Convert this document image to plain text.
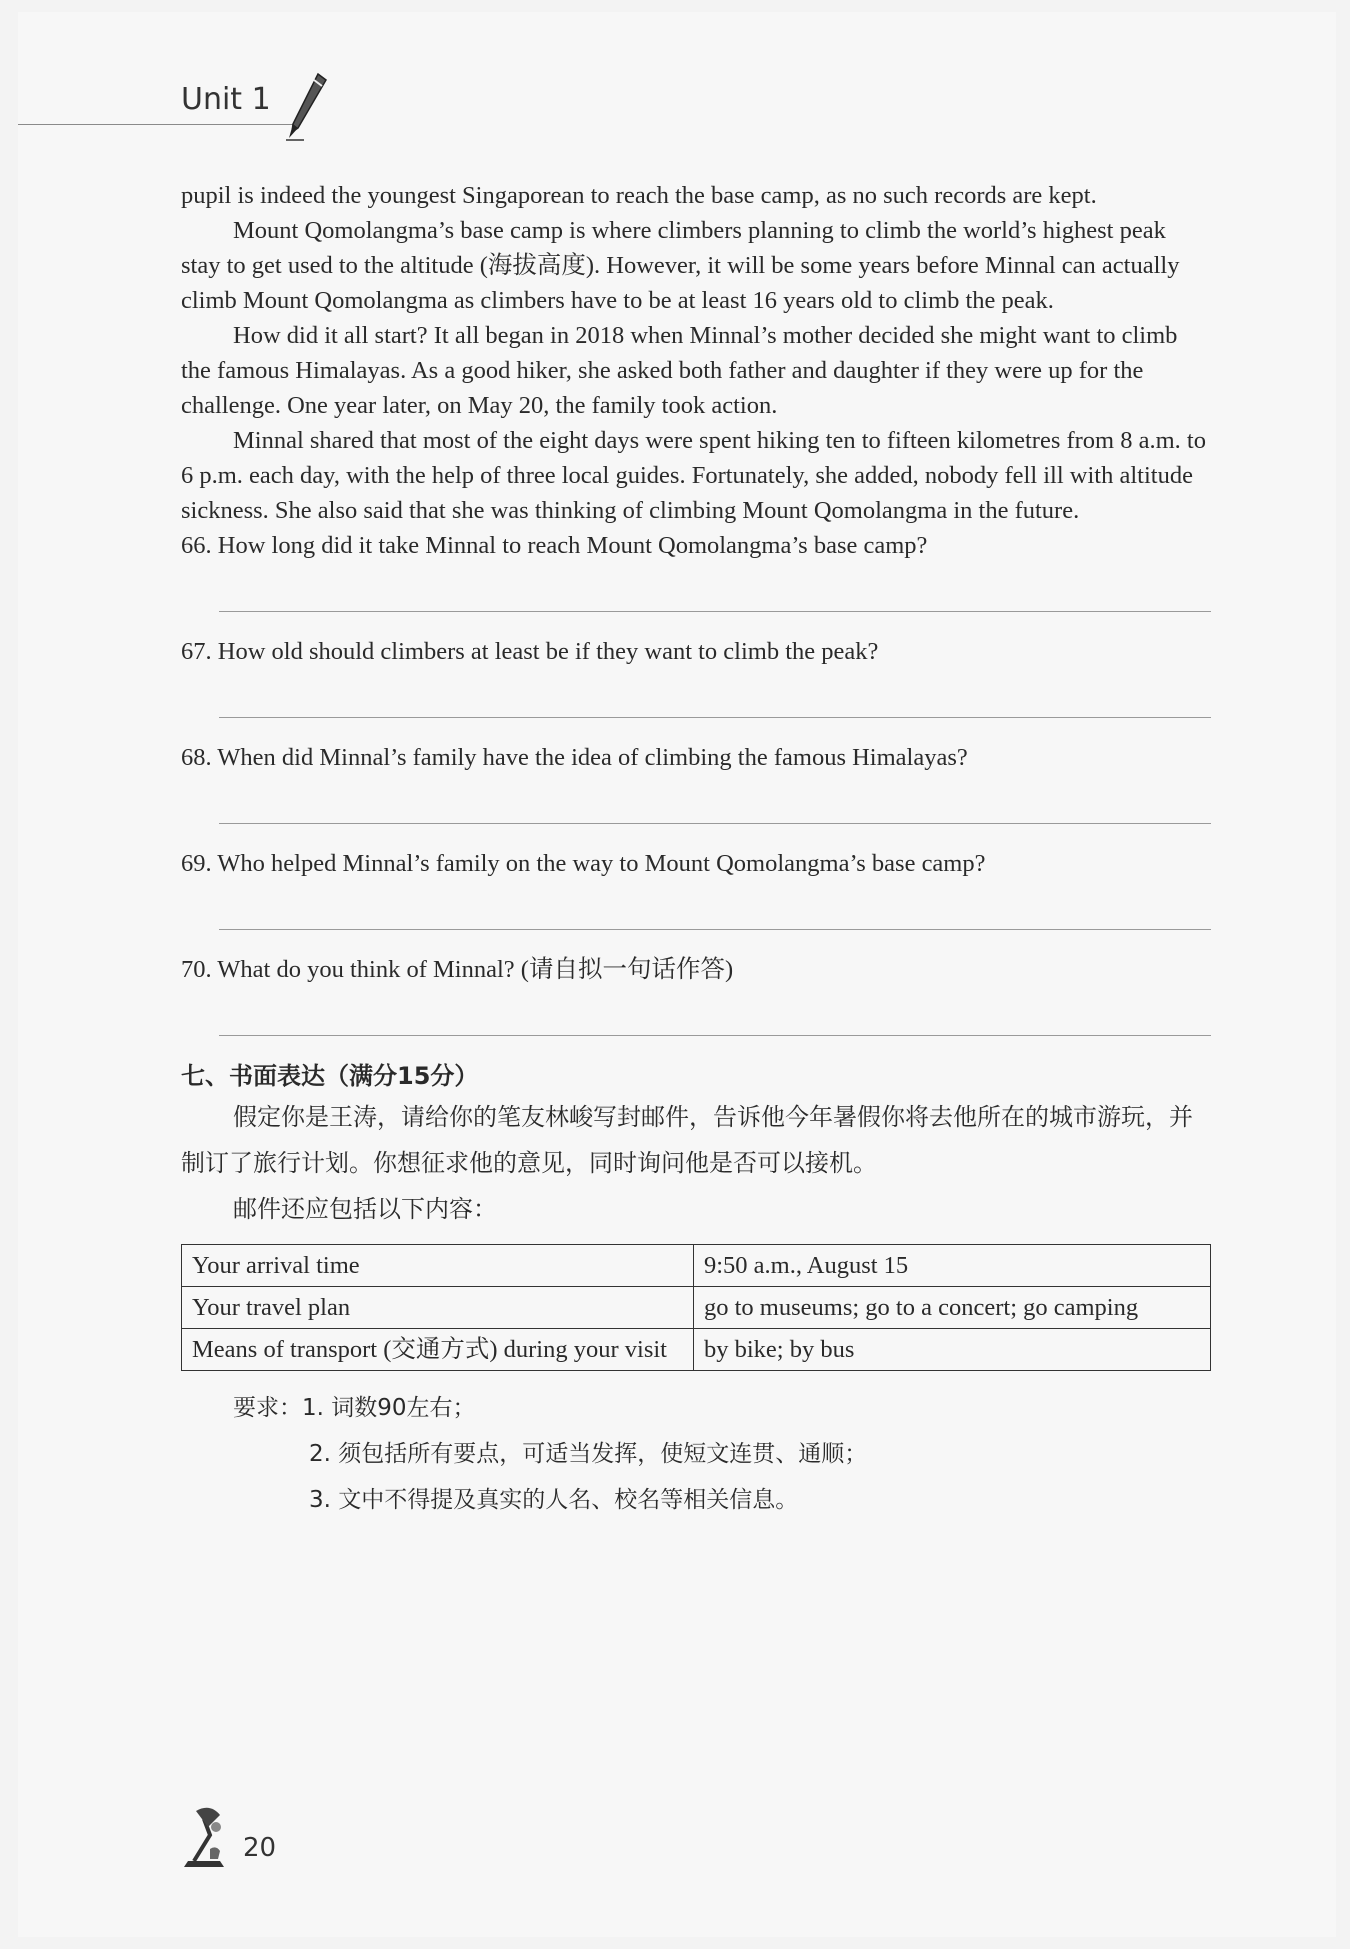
Unit 1

pupil is indeed the youngest Singaporean to reach the base camp, as no such records are kept.

Mount Qomolangma’s base camp is where climbers planning to climb the world’s highest peak stay to get used to the altitude (海拔高度). However, it will be some years before Minnal can actually climb Mount Qomolangma as climbers have to be at least 16 years old to climb the peak.

How did it all start? It all began in 2018 when Minnal’s mother decided she might want to climb the famous Himalayas. As a good hiker, she asked both father and daughter if they were up for the challenge. One year later, on May 20, the family took action.

Minnal shared that most of the eight days were spent hiking ten to fifteen kilometres from 8 a.m. to 6 p.m. each day, with the help of three local guides. Fortunately, she added, nobody fell ill with altitude sickness. She also said that she was thinking of climbing Mount Qomolangma in the future.

66. How long did it take Minnal to reach Mount Qomolangma’s base camp?

67. How old should climbers at least be if they want to climb the peak?

68. When did Minnal’s family have the idea of climbing the famous Himalayas?

69. Who helped Minnal’s family on the way to Mount Qomolangma’s base camp?

70. What do you think of Minnal? (请自拟一句话作答)

七、书面表达（满分15分）

假定你是王涛，请给你的笔友林峻写封邮件，告诉他今年暑假你将去他所在的城市游玩，并制订了旅行计划。你想征求他的意见，同时询问他是否可以接机。

邮件还应包括以下内容：

Your arrival time	9:50 a.m., August 15
Your travel plan	go to museums; go to a concert; go camping
Means of transport (交通方式) during your visit	by bike; by bus
要求：1. 词数90左右；
2. 须包括所有要点，可适当发挥，使短文连贯、通顺；
3. 文中不得提及真实的人名、校名等相关信息。
20
